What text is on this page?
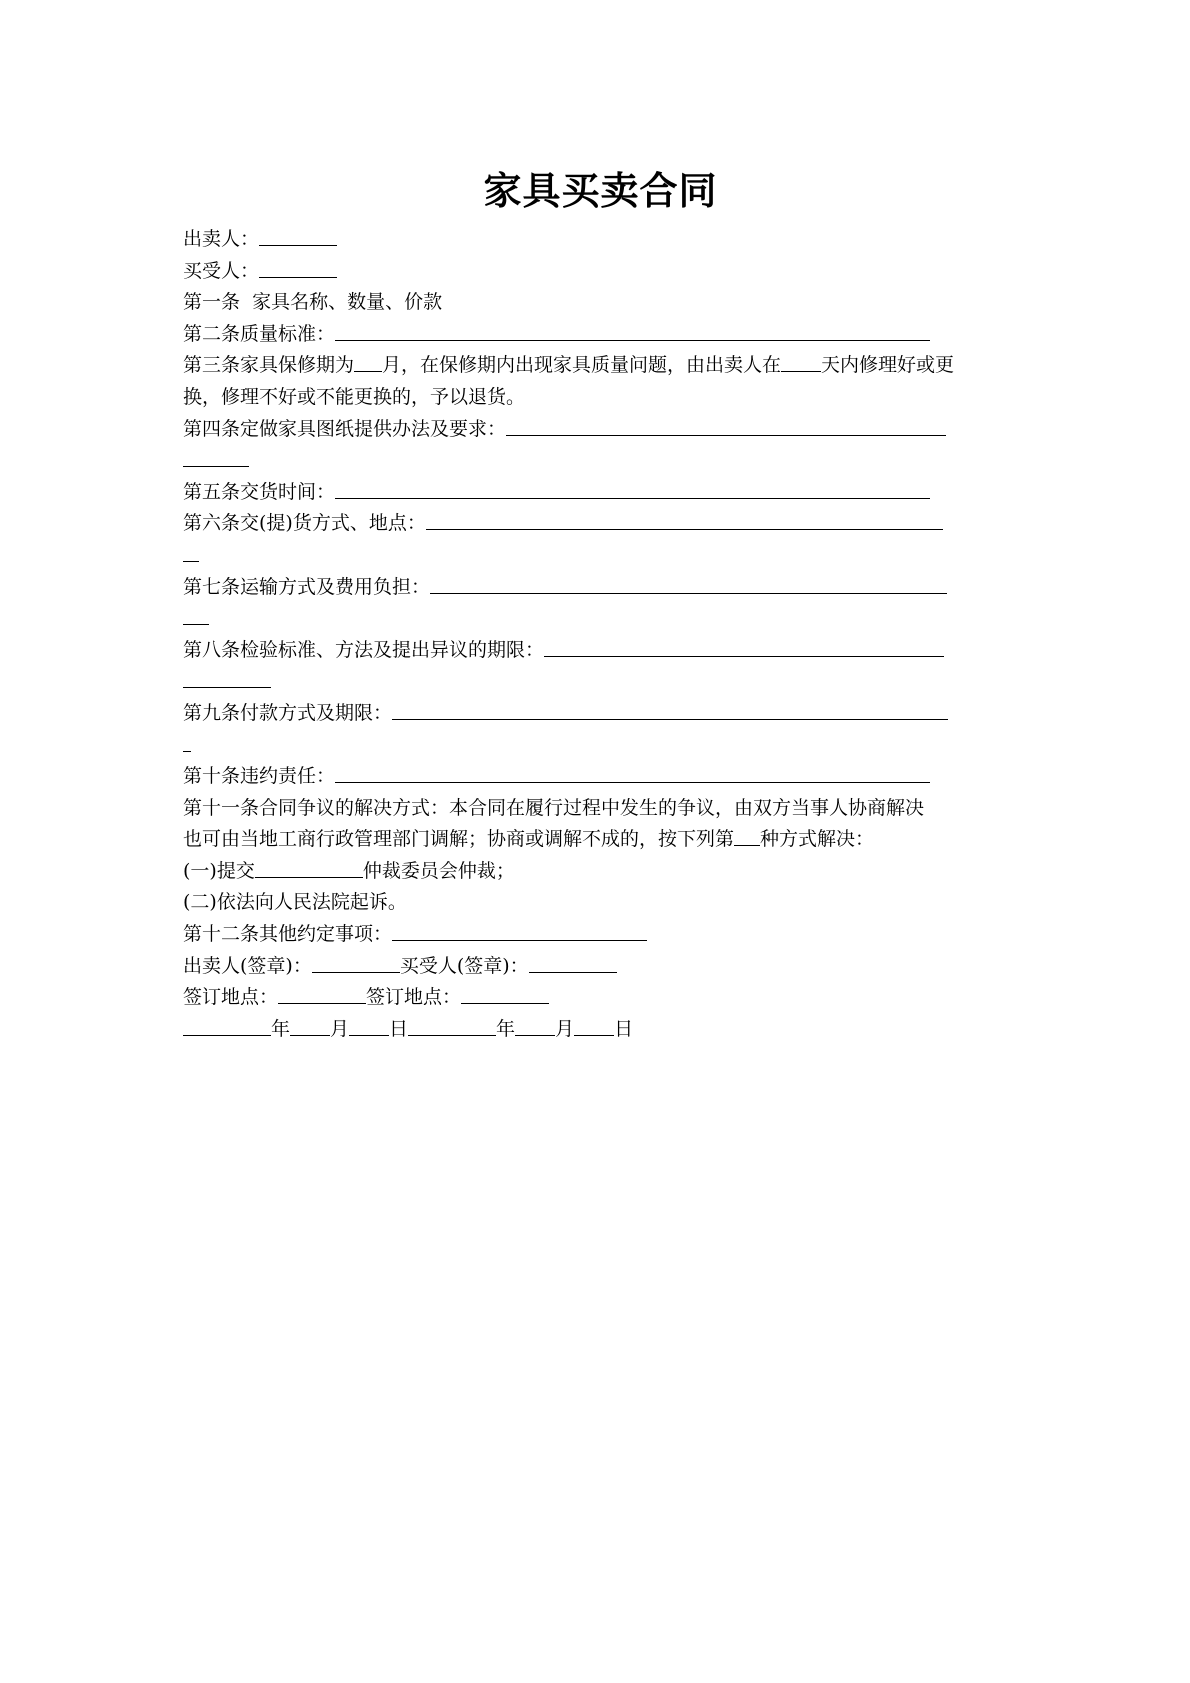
家具买卖合同
出卖人：
买受人：
第一条  家具名称、数量、价款
第二条质量标准：
第三条家具保修期为 月，在保修期内出现家具质量问题，由出卖人在 天内修理好或更
换，修理不好或不能更换的，予以退货。
第四条定做家具图纸提供办法及要求：
第五条交货时间：
第六条交(提)货方式、地点：
第七条运输方式及费用负担：
第八条检验标准、方法及提出异议的期限：
第九条付款方式及期限：
第十条违约责任：
第十一条合同争议的解决方式：本合同在履行过程中发生的争议，由双方当事人协商解决
也可由当地工商行政管理部门调解；协商或调解不成的，按下列第 种方式解决：
(一)提交	仲裁委员会仲裁；
(二)依法向人民法院起诉。
第十二条其他约定事项：
出卖人(签章)：	买受人(签章)：
签订地点：	签订地点：
年 月 日	年 月 日
